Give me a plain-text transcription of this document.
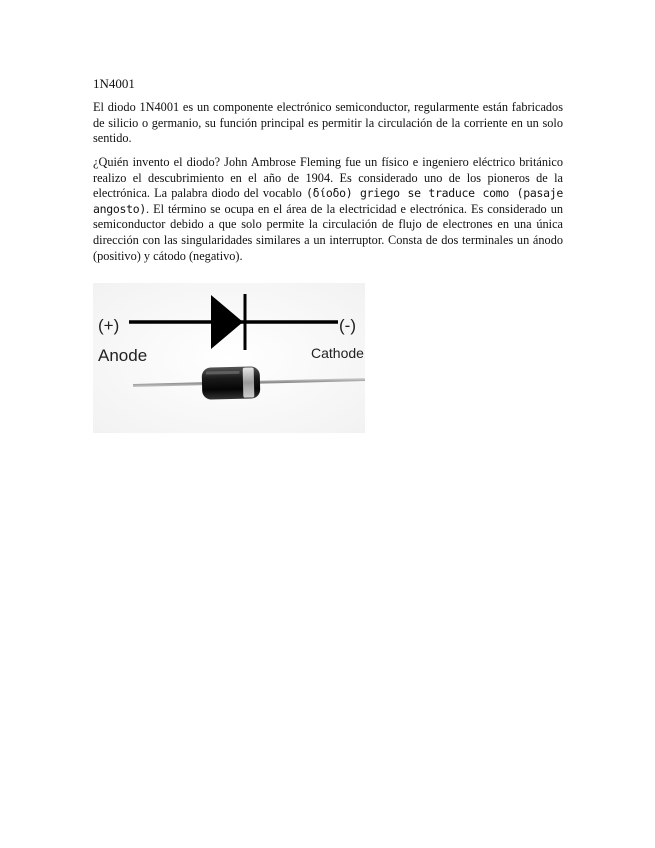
1N4001

El diodo 1N4001 es un componente electrónico semiconductor, regularmente están fabricados de silicio o germanio, su función principal es permitir la circulación de la corriente en un solo sentido.

¿Quién invento el diodo? John Ambrose Fleming fue un físico e ingeniero eléctrico británico realizo el descubrimiento en el año de 1904. Es considerado uno de los pioneros de la electrónica. La palabra diodo del vocablo (δίοδο) griego se traduce como (pasaje angosto). El término se ocupa en el área de la electricidad e electrónica. Es considerado un semiconductor debido a que solo permite la circulación de flujo de electrones en una única dirección con las singularidades similares a un interruptor. Consta de dos terminales un ánodo (positivo) y cátodo (negativo).

(+)
Anode
(-)
Cathode
